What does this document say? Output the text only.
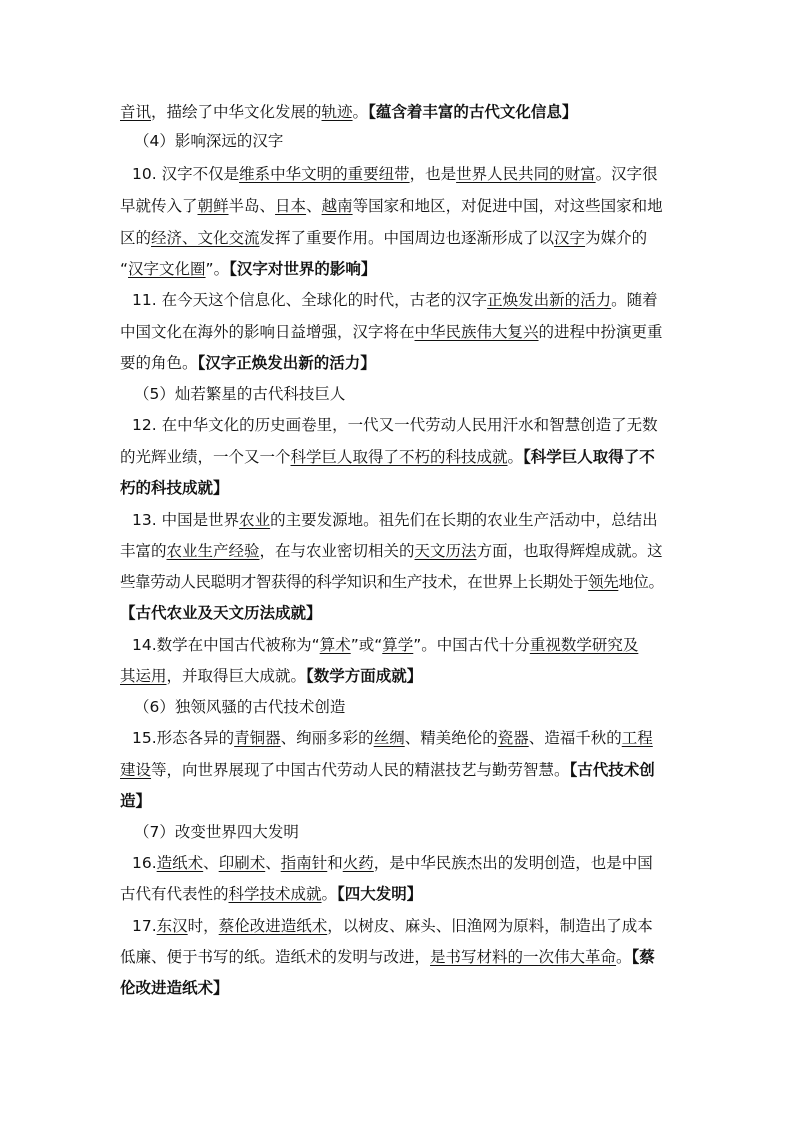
音讯，描绘了中华文化发展的轨迹。【蕴含着丰富的古代文化信息】
（4）影响深远的汉字
10. 汉字不仅是维系中华文明的重要纽带，也是世界人民共同的财富。汉字很
早就传入了朝鲜半岛、日本、越南等国家和地区，对促进中国，对这些国家和地
区的经济、文化交流发挥了重要作用。中国周边也逐渐形成了以汉字为媒介的
“汉字文化圈”。【汉字对世界的影响】
11. 在今天这个信息化、全球化的时代，古老的汉字正焕发出新的活力。随着
中国文化在海外的影响日益增强，汉字将在中华民族伟大复兴的进程中扮演更重
要的角色。【汉字正焕发出新的活力】
（5）灿若繁星的古代科技巨人
12. 在中华文化的历史画卷里，一代又一代劳动人民用汗水和智慧创造了无数
的光辉业绩，一个又一个科学巨人取得了不朽的科技成就。【科学巨人取得了不
朽的科技成就】
13. 中国是世界农业的主要发源地。祖先们在长期的农业生产活动中，总结出
丰富的农业生产经验，在与农业密切相关的天文历法方面，也取得辉煌成就。这
些靠劳动人民聪明才智获得的科学知识和生产技术，在世界上长期处于领先地位。
【古代农业及天文历法成就】
14.数学在中国古代被称为“算术”或“算学”。中国古代十分重视数学研究及
其运用，并取得巨大成就。【数学方面成就】
（6）独领风骚的古代技术创造
15.形态各异的青铜器、绚丽多彩的丝绸、精美绝伦的瓷器、造福千秋的工程
建设等，向世界展现了中国古代劳动人民的精湛技艺与勤劳智慧。【古代技术创
造】
（7）改变世界四大发明
16.造纸术、印刷术、指南针和火药，是中华民族杰出的发明创造，也是中国
古代有代表性的科学技术成就。【四大发明】
17.东汉时，蔡伦改进造纸术，以树皮、麻头、旧渔网为原料，制造出了成本
低廉、便于书写的纸。造纸术的发明与改进，是书写材料的一次伟大革命。【蔡
伦改进造纸术】
